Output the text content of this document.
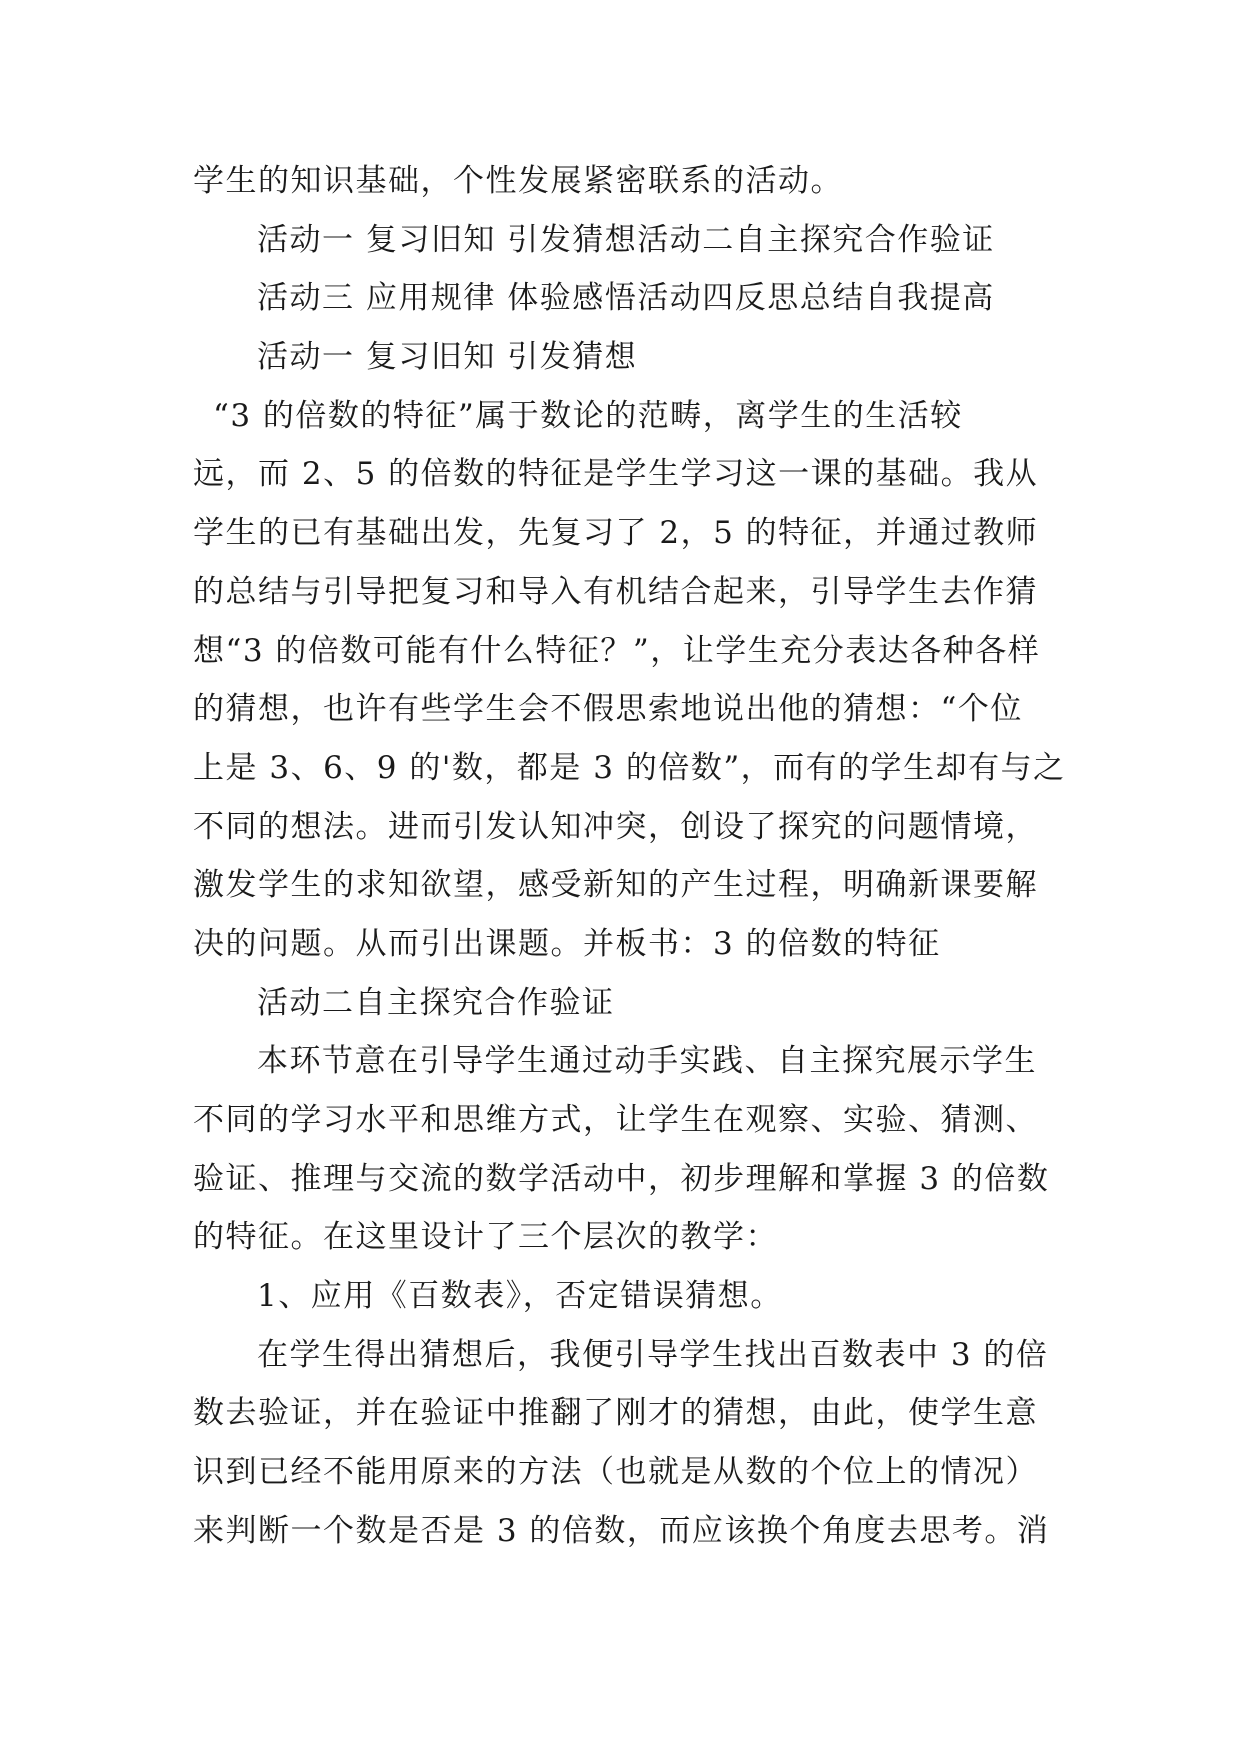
学生的知识基础，个性发展紧密联系的活动。
活动一 复习旧知 引发猜想活动二自主探究合作验证
活动三 应用规律 体验感悟活动四反思总结自我提高
活动一 复习旧知 引发猜想
“3 的倍数的特征”属于数论的范畴，离学生的生活较
远，而 2、5 的倍数的特征是学生学习这一课的基础。我从
学生的已有基础出发，先复习了 2，5 的特征，并通过教师
的总结与引导把复习和导入有机结合起来，引导学生去作猜
想“3 的倍数可能有什么特征？”，让学生充分表达各种各样
的猜想，也许有些学生会不假思索地说出他的猜想：“个位
上是 3、6、9 的'数，都是 3 的倍数”，而有的学生却有与之
不同的想法。进而引发认知冲突，创设了探究的问题情境，
激发学生的求知欲望，感受新知的产生过程，明确新课要解
决的问题。从而引出课题。并板书：3 的倍数的特征
活动二自主探究合作验证
本环节意在引导学生通过动手实践、自主探究展示学生
不同的学习水平和思维方式，让学生在观察、实验、猜测、
验证、推理与交流的数学活动中，初步理解和掌握 3 的倍数
的特征。在这里设计了三个层次的教学：
1、应用《百数表》，否定错误猜想。
在学生得出猜想后，我便引导学生找出百数表中 3 的倍
数去验证，并在验证中推翻了刚才的猜想，由此，使学生意
识到已经不能用原来的方法（也就是从数的个位上的情况）
来判断一个数是否是 3 的倍数，而应该换个角度去思考。消
